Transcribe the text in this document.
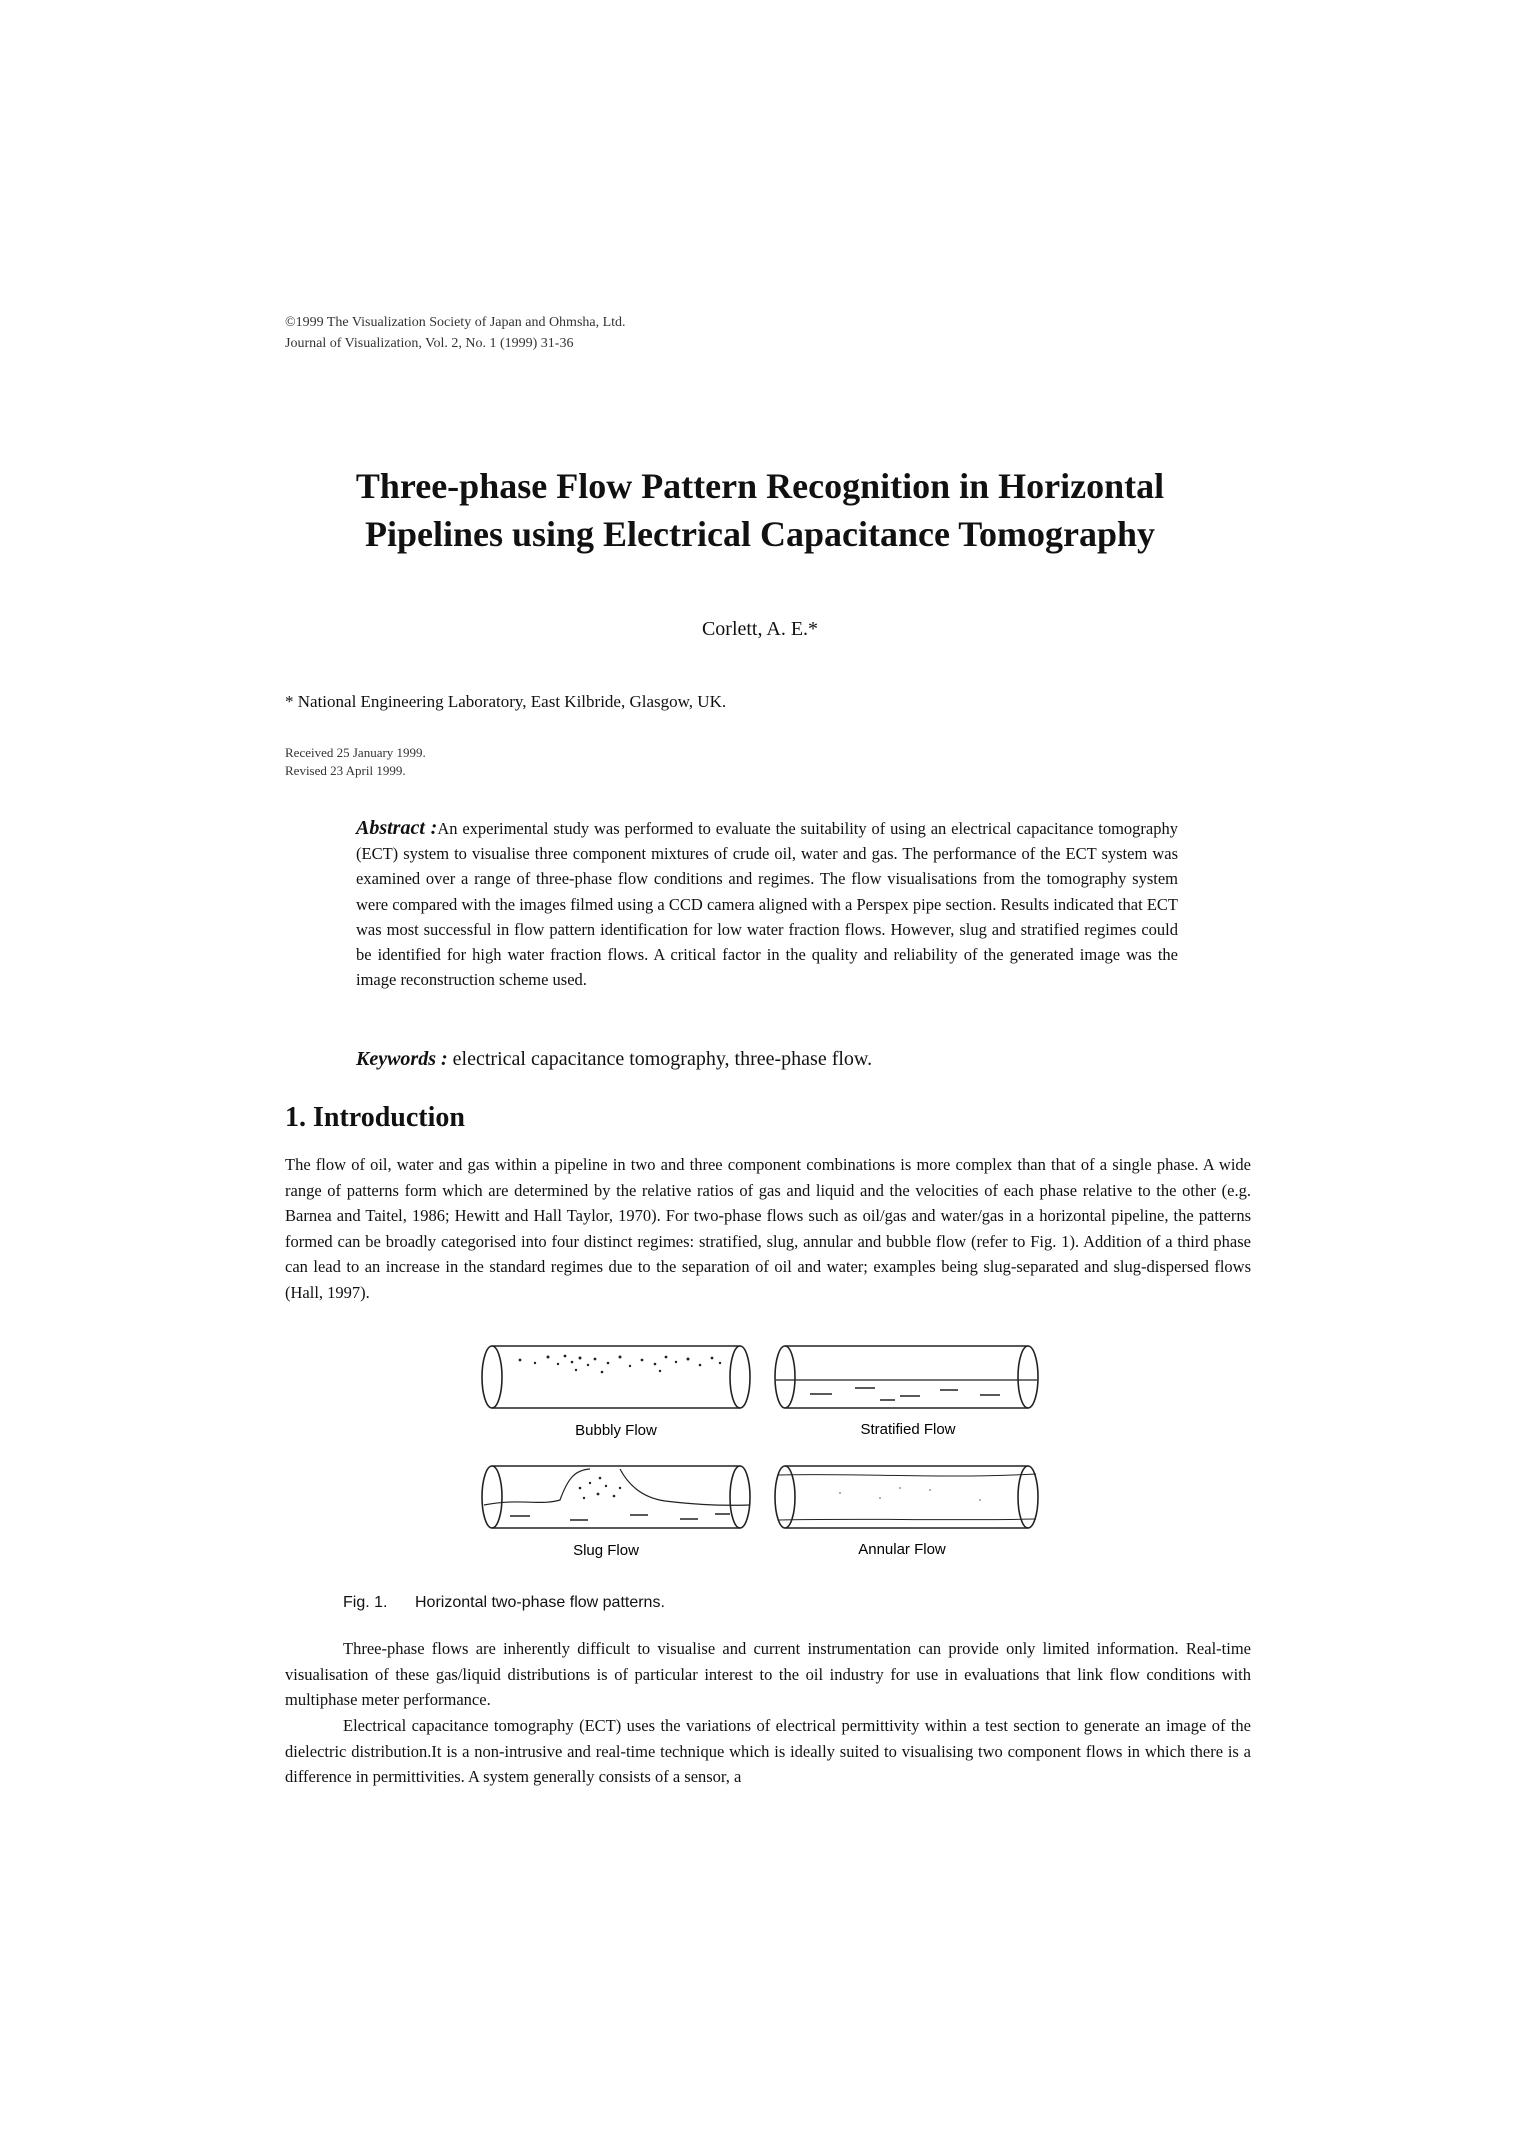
©1999 The Visualization Society of Japan and Ohmsha, Ltd.
Journal of Visualization, Vol. 2, No. 1 (1999) 31-36
Three-phase Flow Pattern Recognition in Horizontal
Pipelines using Electrical Capacitance Tomography
Corlett, A. E.*
* National Engineering Laboratory, East Kilbride, Glasgow, UK.
Received 25 January 1999.
Revised 23 April 1999.
Abstract :An experimental study was performed to evaluate the suitability of using an electrical capacitance tomography (ECT) system to visualise three component mixtures of crude oil, water and gas. The performance of the ECT system was examined over a range of three-phase flow conditions and regimes. The flow visualisations from the tomography system were compared with the images filmed using a CCD camera aligned with a Perspex pipe section. Results indicated that ECT was most successful in flow pattern identification for low water fraction flows. However, slug and stratified regimes could be identified for high water fraction flows. A critical factor in the quality and reliability of the generated image was the image reconstruction scheme used.
Keywords : electrical capacitance tomography, three-phase flow.
1. Introduction
The flow of oil, water and gas within a pipeline in two and three component combinations is more complex than that of a single phase. A wide range of patterns form which are determined by the relative ratios of gas and liquid and the velocities of each phase relative to the other (e.g. Barnea and Taitel, 1986; Hewitt and Hall Taylor, 1970). For two-phase flows such as oil/gas and water/gas in a horizontal pipeline, the patterns formed can be broadly categorised into four distinct regimes: stratified, slug, annular and bubble flow (refer to Fig. 1). Addition of a third phase can lead to an increase in the standard regimes due to the separation of oil and water; examples being slug-separated and slug-dispersed flows (Hall, 1997).
Bubbly Flow	Stratified Flow
Slug Flow	Annular Flow
Fig. 1. Horizontal two-phase flow patterns.
Three-phase flows are inherently difficult to visualise and current instrumentation can provide only limited information. Real-time visualisation of these gas/liquid distributions is of particular interest to the oil industry for use in evaluations that link flow conditions with multiphase meter performance.
Electrical capacitance tomography (ECT) uses the variations of electrical permittivity within a test section to generate an image of the dielectric distribution.It is a non-intrusive and real-time technique which is ideally suited to visualising two component flows in which there is a difference in permittivities. A system generally consists of a sensor, a
